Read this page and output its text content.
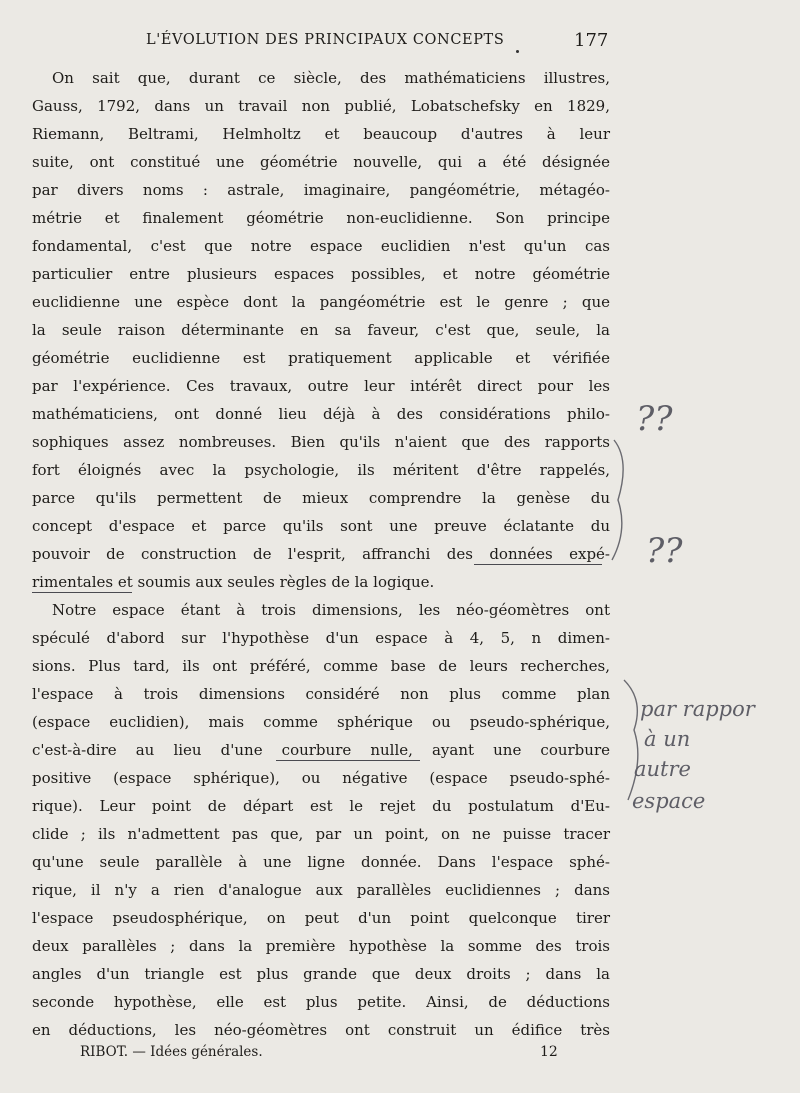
L'ÉVOLUTION DES PRINCIPAUX CONCEPTS	177
On sait que, durant ce siècle, des mathématiciens illustres,
Gauss, 1792, dans un travail non publié, Lobatschefsky en 1829,
Riemann, Beltrami, Helmholtz et beaucoup d'autres à leur
suite, ont constitué une géométrie nouvelle, qui a été désignée
par divers noms : astrale, imaginaire, pangéométrie, métagéo-
métrie et finalement géométrie non-euclidienne. Son principe
fondamental, c'est que notre espace euclidien n'est qu'un cas
particulier entre plusieurs espaces possibles, et notre géométrie
euclidienne une espèce dont la pangéométrie est le genre ; que
la seule raison déterminante en sa faveur, c'est que, seule, la
géométrie euclidienne est pratiquement applicable et vérifiée
par l'expérience. Ces travaux, outre leur intérêt direct pour les
mathématiciens, ont donné lieu déjà à des considérations philo-
sophiques assez nombreuses. Bien qu'ils n'aient que des rapports
fort éloignés avec la psychologie, ils méritent d'être rappelés,
parce qu'ils permettent de mieux comprendre la genèse du
concept d'espace et parce qu'ils sont une preuve éclatante du
pouvoir de construction de l'esprit, affranchi des données expé-
rimentales et soumis aux seules règles de la logique.
Notre espace étant à trois dimensions, les néo-géomètres ont
spéculé d'abord sur l'hypothèse d'un espace à 4, 5, n dimen-
sions. Plus tard, ils ont préféré, comme base de leurs recherches,
l'espace à trois dimensions considéré non plus comme plan
(espace euclidien), mais comme sphérique ou pseudo-sphérique,
c'est-à-dire au lieu d'une courbure nulle, ayant une courbure
positive (espace sphérique), ou négative (espace pseudo-sphé-
rique). Leur point de départ est le rejet du postulatum d'Eu-
clide ; ils n'admettent pas que, par un point, on ne puisse tracer
qu'une seule parallèle à une ligne donnée. Dans l'espace sphé-
rique, il n'y a rien d'analogue aux parallèles euclidiennes ; dans
l'espace pseudosphérique, on peut d'un point quelconque tirer
deux parallèles ; dans la première hypothèse la somme des trois
angles d'un triangle est plus grande que deux droits ; dans la
seconde hypothèse, elle est plus petite. Ainsi, de déductions
en déductions, les néo-géomètres ont construit un édifice très
??
??
par rappor
à un
autre
espace
RIBOT. — Idées générales.	12
